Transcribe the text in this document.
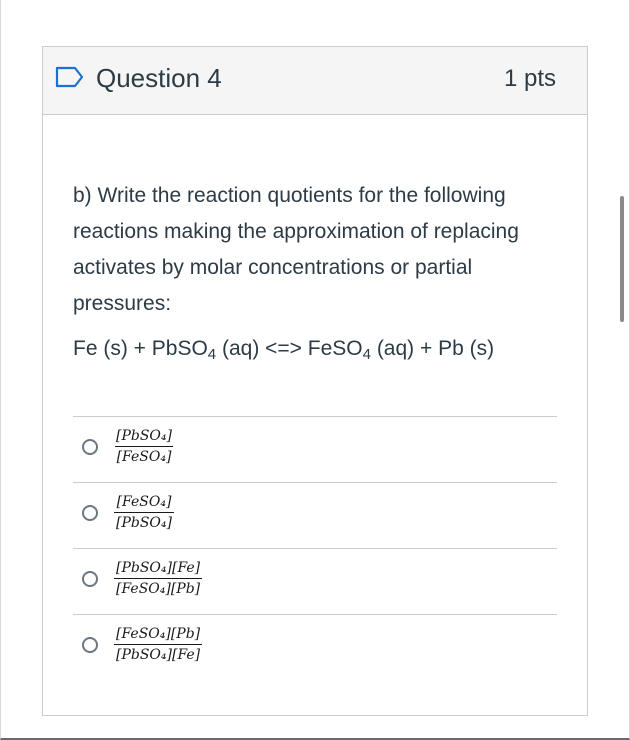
Question 4	1 pts
b) Write the reaction quotients for the following reactions making the approximation of replacing activates by molar concentrations or partial pressures:
Fe (s) + PbSO$_4$ (aq) <=> FeSO$_4$ (aq) + Pb (s)
[PbSO₄]
[FeSO₄]
[FeSO₄]
[PbSO₄]
[PbSO₄][Fe]
[FeSO₄][Pb]
[FeSO₄][Pb]
[PbSO₄][Fe]
